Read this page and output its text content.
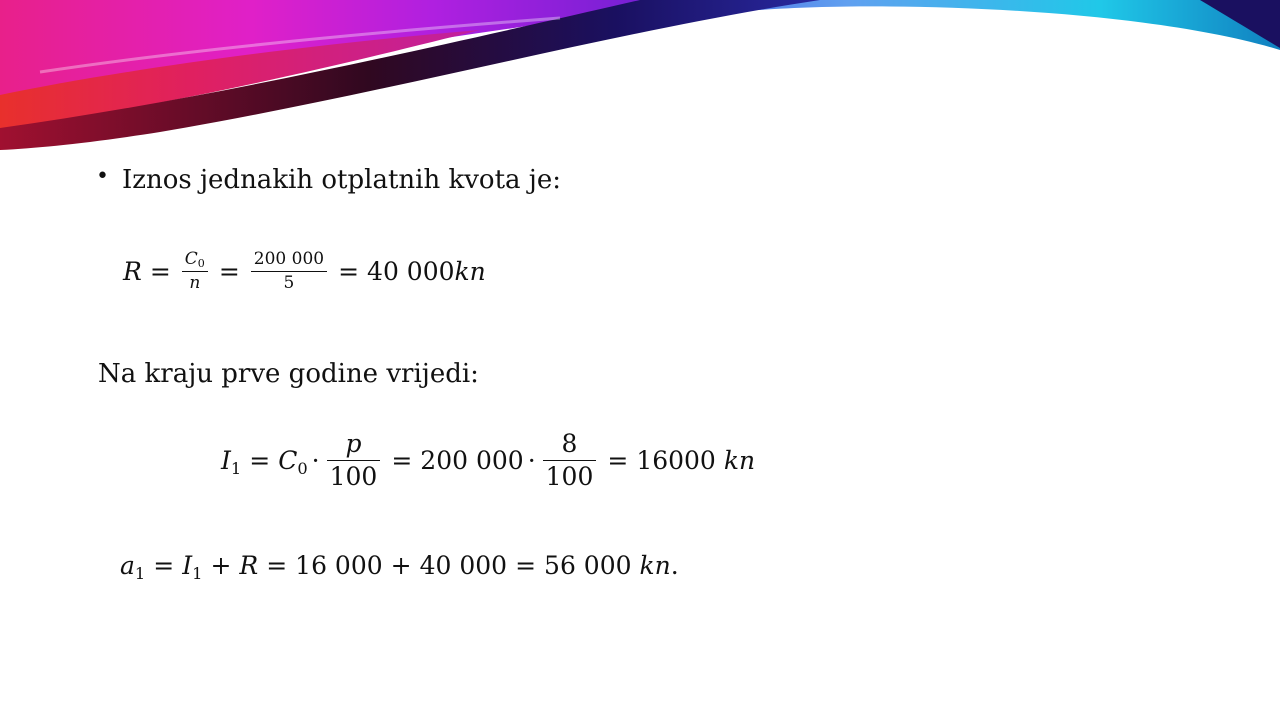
• Iznos jednakih otplatnih kvota je:
$R = \frac{C0}{n} = \frac{200 000}{5} = 40$ 000 kn
Na kraju prve godine vrijedi:
$I1 = C0 \cdot \frac{p}{100} = 200$ $000 \cdot \frac{8}{100} = 16000$ kn
a1 = I1 + R = 16 000 + 40 000 = 56 000 kn .
